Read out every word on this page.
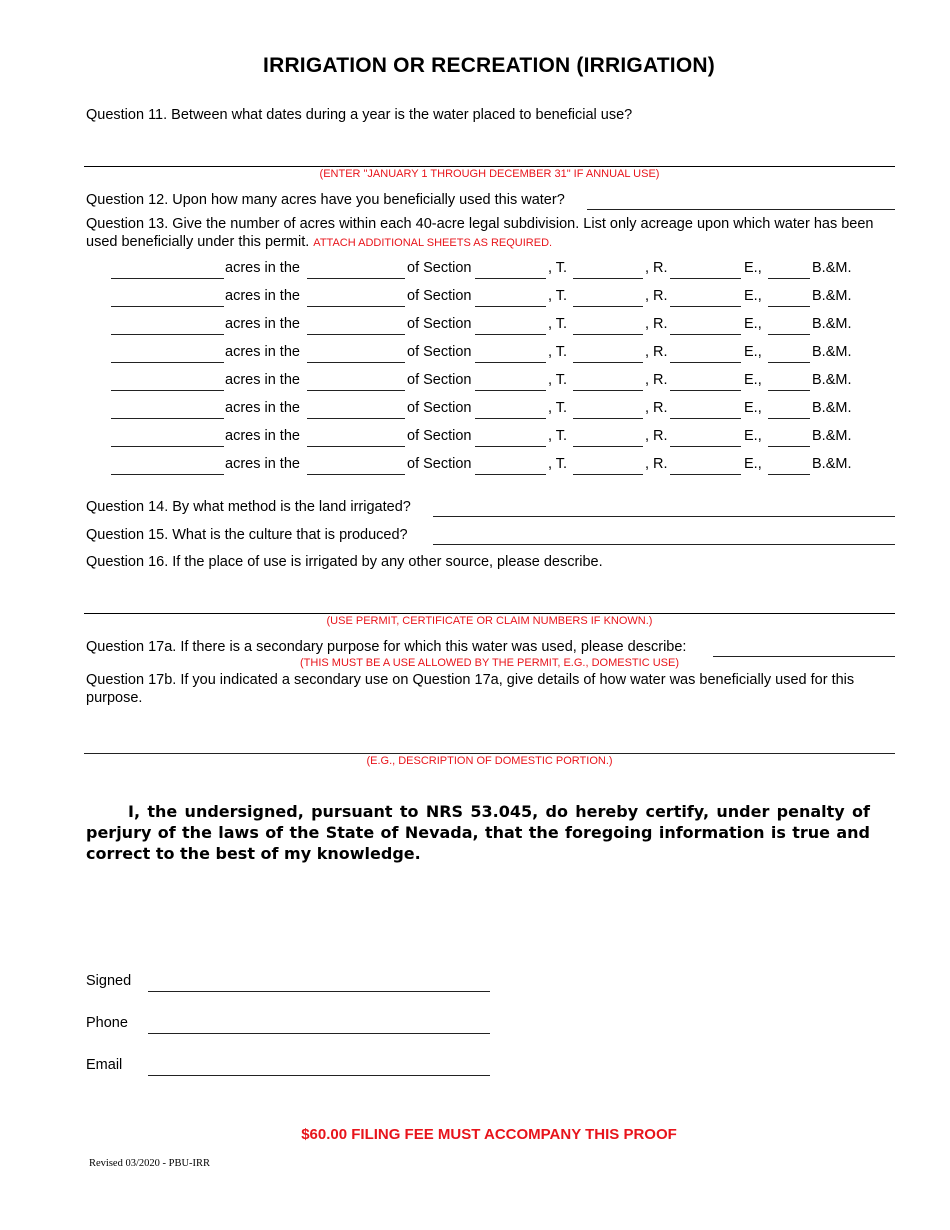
IRRIGATION OR RECREATION (IRRIGATION)
Question 11. Between what dates during a year is the water placed to beneficial use?
(ENTER "JANUARY 1 THROUGH DECEMBER 31" IF ANNUAL USE)
Question 12. Upon how many acres have you beneficially used this water?
Question 13. Give the number of acres within each 40-acre legal subdivision. List only acreage upon which water has been used beneficially under this permit. ATTACH ADDITIONAL SHEETS AS REQUIRED.
acres in the	of Section	, T.	, R.	E.,	B.&M.
acres in the	of Section	, T.	, R.	E.,	B.&M.
acres in the	of Section	, T.	, R.	E.,	B.&M.
acres in the	of Section	, T.	, R.	E.,	B.&M.
acres in the	of Section	, T.	, R.	E.,	B.&M.
acres in the	of Section	, T.	, R.	E.,	B.&M.
acres in the	of Section	, T.	, R.	E.,	B.&M.
acres in the	of Section	, T.	, R.	E.,	B.&M.
Question 14. By what method is the land irrigated?
Question 15. What is the culture that is produced?
Question 16. If the place of use is irrigated by any other source, please describe.
(USE PERMIT, CERTIFICATE OR CLAIM NUMBERS IF KNOWN.)
Question 17a. If there is a secondary purpose for which this water was used, please describe:
(THIS MUST BE A USE ALLOWED BY THE PERMIT, E.G., DOMESTIC USE)
Question 17b. If you indicated a secondary use on Question 17a, give details of how water was beneficially used for this purpose.
(E.G., DESCRIPTION OF DOMESTIC PORTION.)
I, the undersigned, pursuant to NRS 53.045, do hereby certify, under penalty of perjury of the laws of the State of Nevada, that the foregoing information is true and correct to the best of my knowledge.
Signed
Phone
Email
$60.00 FILING FEE MUST ACCOMPANY THIS PROOF
Revised 03/2020 - PBU-IRR
